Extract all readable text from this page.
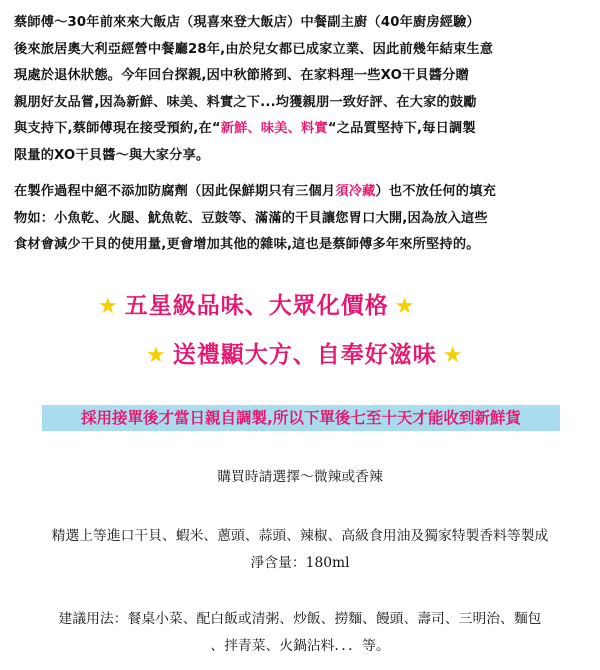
蔡師傅～30年前來來大飯店（現喜來登大飯店）中餐副主廚（40年廚房經驗）
後來旅居奧大利亞經營中餐廳28年,由於兒女都已成家立業、因此前幾年結束生意
現處於退休狀態。今年回台探親,因中秋節將到、在家料理一些XO干貝醬分贈
親朋好友品嘗,因為新鮮、味美、料實之下...均獲親朋一致好評、在大家的鼓勵
與支持下,蔡師傅現在接受預約,在“新鮮、味美、料實“之品質堅持下,每日調製
限量的XO干貝醬～與大家分享。
在製作過程中絕不添加防腐劑（因此保鮮期只有三個月須冷藏）也不放任何的填充
物如：小魚乾、火腿、魷魚乾、豆鼓等、滿滿的干貝讓您胃口大開,因為放入這些
食材會減少干貝的使用量,更會增加其他的雜味,這也是蔡師傅多年來所堅持的。
★ 五星級品味、大眾化價格 ★
★ 送禮顯大方、自奉好滋味 ★
採用接單後才當日親自調製,所以下單後七至十天才能收到新鮮貨
購買時請選擇～微辣或香辣
精選上等進口干貝、蝦米、蔥頭、蒜頭、辣椒、高級食用油及獨家特製香料等製成
淨含量：180ml
建議用法：餐桌小菜、配白飯或清粥、炒飯、撈麵、饅頭、壽司、三明治、麵包
、拌青菜、火鍋沾料．．．等。
